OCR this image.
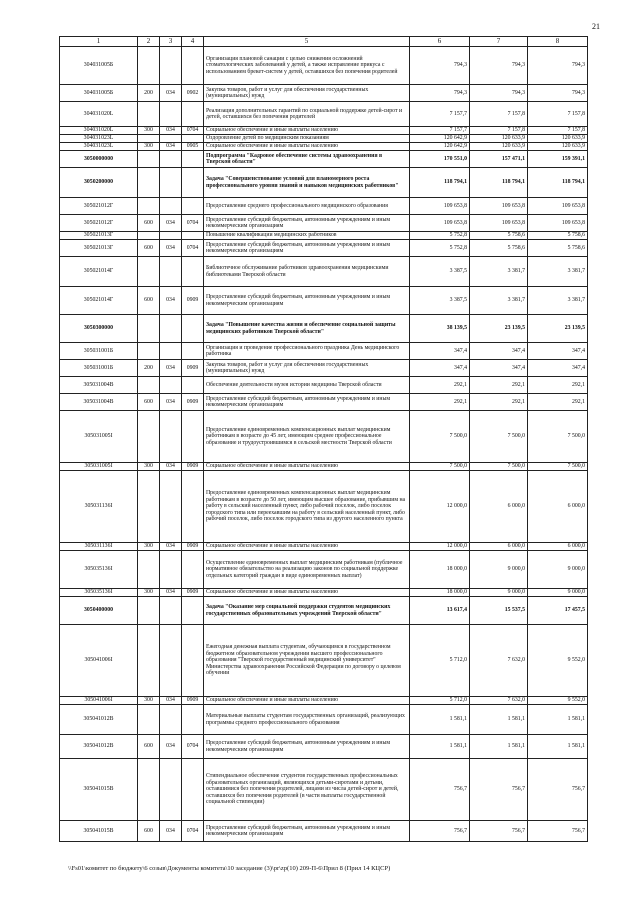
21
1	2	3	4	5	6	7	8
304031005Б				Организация плановой санации с целью снижения осложнений стоматологических заболеваний у детей, а также исправление прикуса с использованием брекет-систем у детей, оставшихся без попечения родителей	794,3	794,3	794,3
304031005Б	200	034	0902	Закупка товаров, работ и услуг для обеспечения государственных (муниципальных) нужд	794,3	794,3	794,3
304031020L				Реализация дополнительных гарантий по социальной поддержке детей-сирот и детей, оставшихся без попечения родителей	7 157,7	7 157,8	7 157,8
304031020L	300	034	0704	Социальное обеспечение и иные выплаты населению	7 157,7	7 157,8	7 157,8
304031023L				Оздоровление детей по медицинским показаниям	120 642,9	120 633,9	120 633,9
304031023L	300	034	0905	Социальное обеспечение и иные выплаты населению	120 642,9	120 633,9	120 633,9
3050000000				Подпрограмма "Кадровое обеспечение системы здравоохранения в Тверской области"	170 551,0	157 471,1	159 391,1
3050200000				Задача "Совершенствование условий для планомерного роста профессионального уровня знаний и навыков медицинских работников"	118 794,1	118 794,1	118 794,1
305021012Г				Предоставление среднего профессионального медицинского образования	109 653,8	109 653,8	109 653,8
305021012Г	600	034	0704	Предоставление субсидий бюджетным, автономным учреждениям и иным некоммерческим организациям	109 653,8	109 653,8	109 653,8
305021013Г				Повышение квалификации медицинских работников	5 752,8	5 758,6	5 758,6
305021013Г	600	034	0704	Предоставление субсидий бюджетным, автономным учреждениям и иным некоммерческим организациям	5 752,8	5 758,6	5 758,6
305021014Г				Библиотечное обслуживание работников здравоохранения медицинскими библиотеками Тверской области	3 387,5	3 381,7	3 381,7
305021014Г	600	034	0909	Предоставление субсидий бюджетным, автономным учреждениям и иным некоммерческим организациям	3 387,5	3 381,7	3 381,7
3050300000				Задача "Повышение качества жизни и обеспечение социальной защиты медицинских работников Тверской области"	38 139,5	23 139,5	23 139,5
305031001Б				Организация и проведение профессионального праздника День медицинского работника	347,4	347,4	347,4
305031001Б	200	034	0909	Закупка товаров, работ и услуг для обеспечения государственных (муниципальных) нужд	347,4	347,4	347,4
305031004В				Обеспечение деятельности музея истории медицины Тверской области	292,1	292,1	292,1
305031004В	600	034	0909	Предоставление субсидий бюджетным, автономным учреждениям и иным некоммерческим организациям	292,1	292,1	292,1
305031005I				Предоставление единовременных компенсационных выплат медицинским работникам в возрасте до 45 лет, имеющим среднее профессиональное образование и трудоустроившимся в сельской местности Тверской области	7 500,0	7 500,0	7 500,0
305031005I	300	034	0909	Социальное обеспечение и иные выплаты населению	7 500,0	7 500,0	7 500,0
305031136I				Предоставление единовременных компенсационных выплат медицинским работникам в возрасте до 50 лет, имеющим высшее образование, прибывшим на работу в сельский населенный пункт, либо рабочий поселок, либо поселок городского типа или переехавшим на работу в сельский населенный пункт, либо рабочий поселок, либо поселок городского типа из другого населенного пункта	12 000,0	6 000,0	6 000,0
305031136I	300	034	0909	Социальное обеспечение и иные выплаты населению	12 000,0	6 000,0	6 000,0
305035136I				Осуществление единовременных выплат медицинским работникам (публичное нормативное обязательство на реализацию законов по социальной поддержке отдельных категорий граждан в виде единовременных выплат)	18 000,0	9 000,0	9 000,0
305035136I	300	034	0909	Социальное обеспечение и иные выплаты населению	18 000,0	9 000,0	9 000,0
3050400000				Задача "Оказание мер социальной поддержки студентов медицинских государственных образовательных учреждений Тверской области"	13 617,4	15 537,5	17 457,5
305041006I				Ежегодная денежная выплата студентам, обучающимся в государственном бюджетном образовательном учреждении высшего профессионального образования "Тверской государственный медицинский университет" Министерства здравоохранения Российской Федерации по договору о целевом обучении	5 712,0	7 632,0	9 552,0
305041006I	300	034	0909	Социальное обеспечение и иные выплаты населению	5 712,0	7 632,0	9 552,0
305041012В				Материальные выплаты студентам государственных организаций, реализующих программы среднего профессионального образования	1 581,1	1 581,1	1 581,1
305041012В	600	034	0704	Предоставление субсидий бюджетным, автономным учреждениям и иным некоммерческим организациям	1 581,1	1 581,1	1 581,1
305041015В				Стипендиальное обеспечение студентов государственных профессиональных образовательных организаций, являющихся детьми-сиротами и детьми, оставшимися без попечения родителей, лицами из числа детей-сирот и детей, оставшихся без попечения родителей (в части выплаты государственной социальной стипендии)	756,7	756,7	756,7
305041015В	600	034	0704	Предоставление субсидий бюджетным, автономным учреждениям и иным некоммерческим организациям	756,7	756,7	756,7
\\Fs01\комитет по бюджету\6 созыв\Документы комитета\10 заседание (3)\pr\zp(10) 209-П-6\Прил 8 (Прил 14 КЦСР)
